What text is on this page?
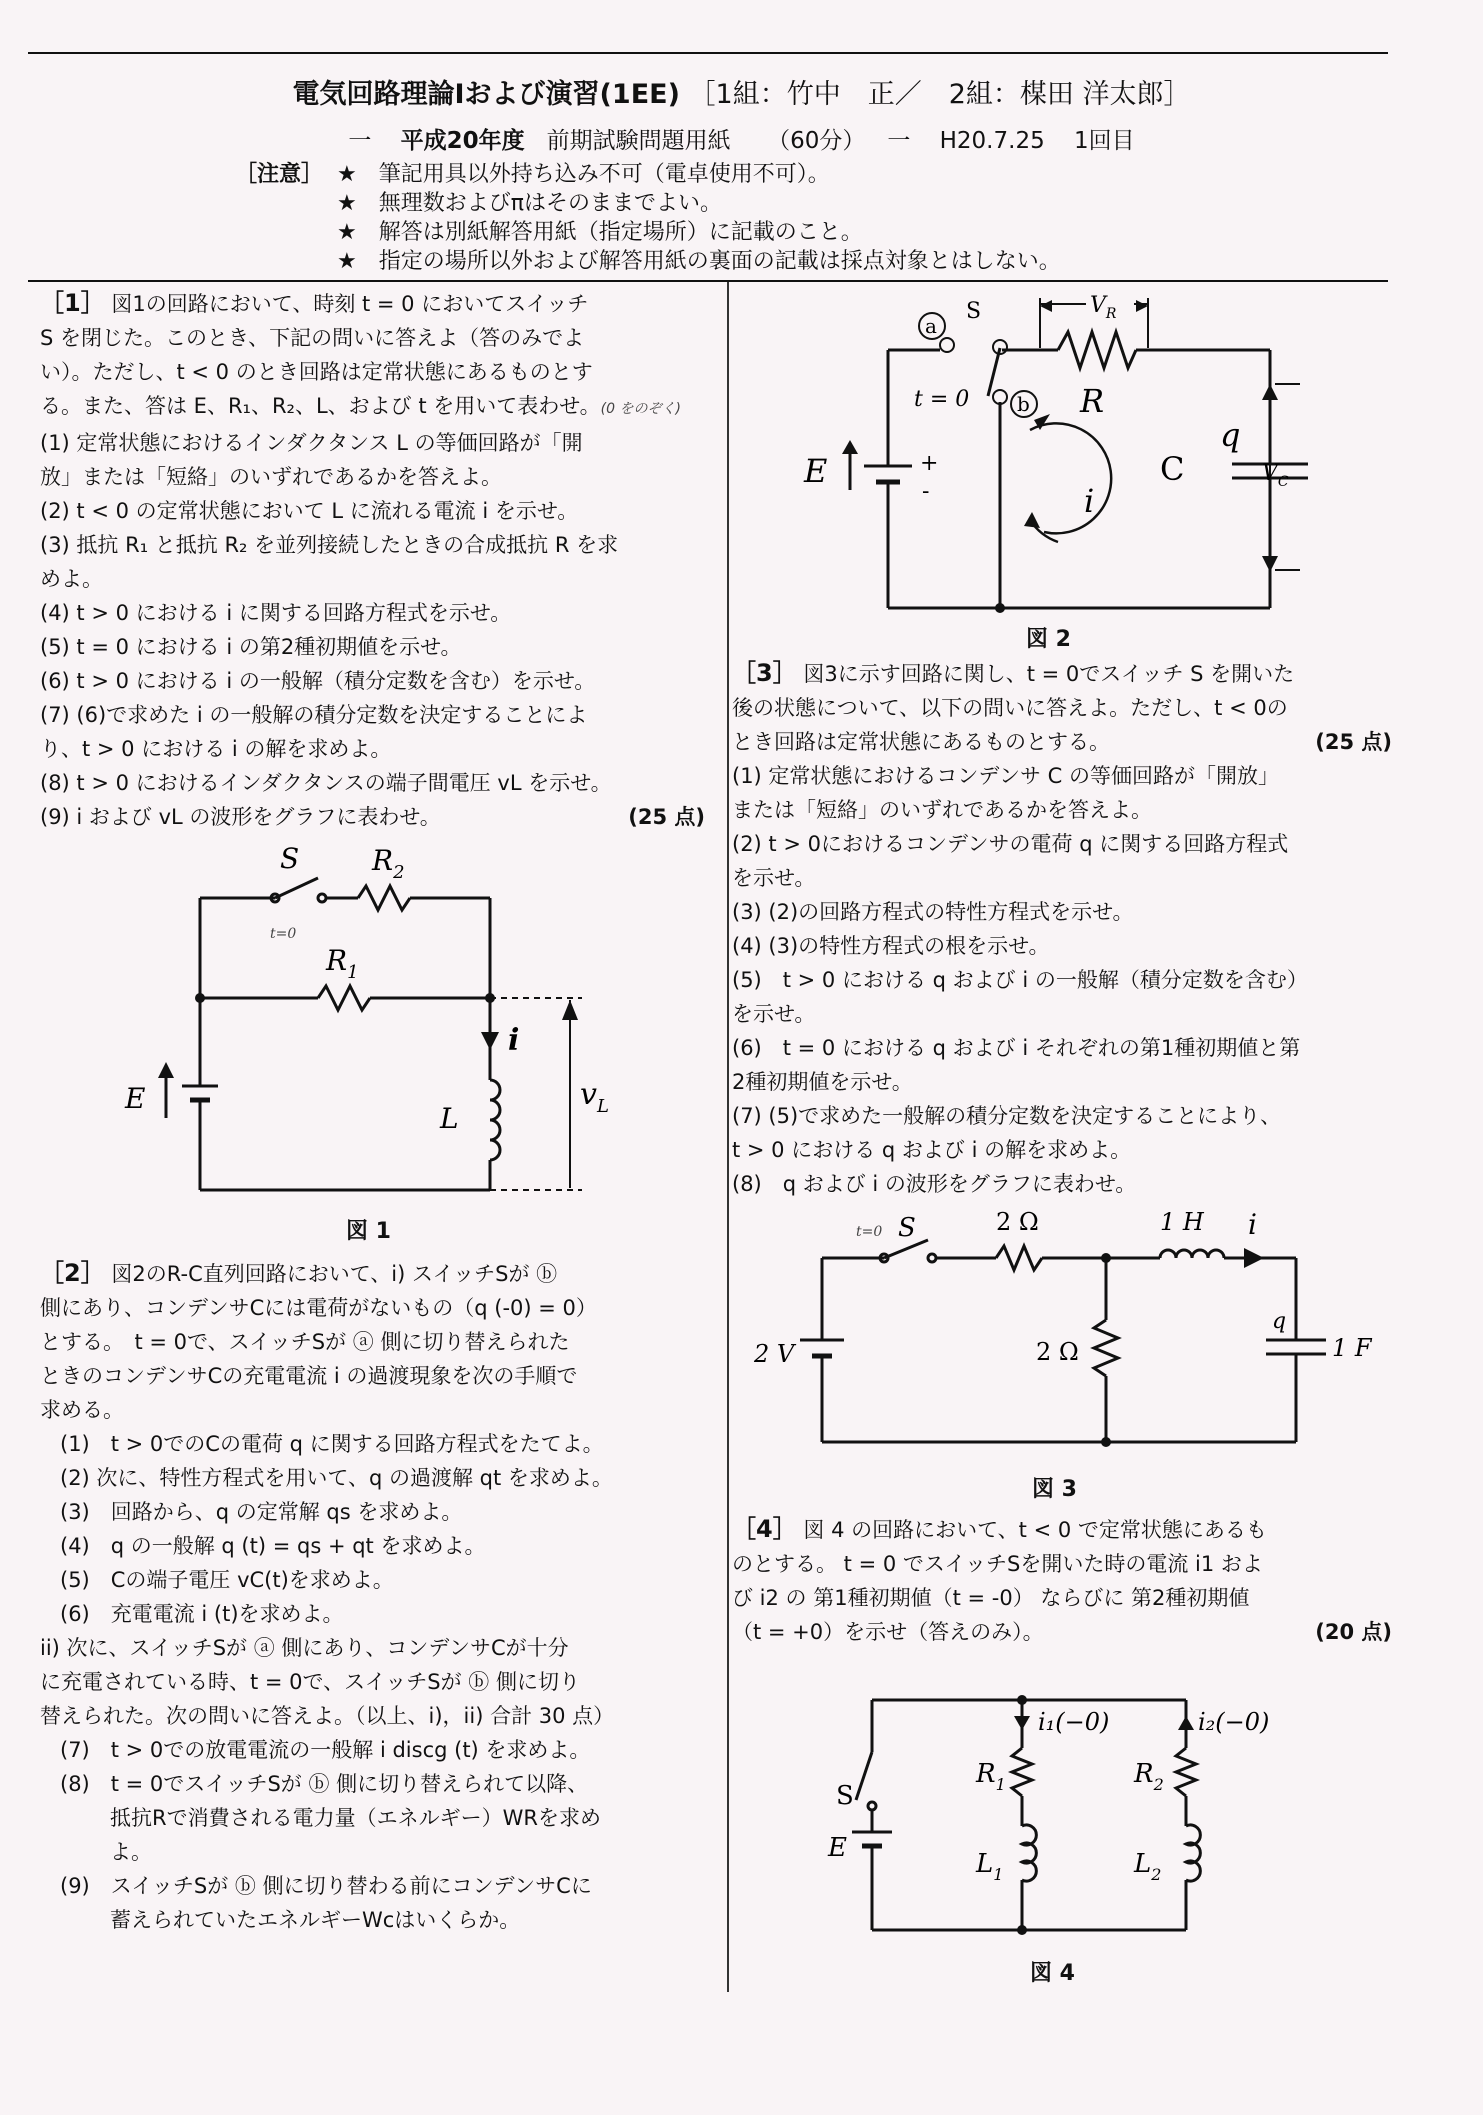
電気回路理論Ⅰおよび演習(1EE) ［1組：竹中　正／　2組：楳田 洋太郎］
一 平成20年度 前期試験問題用紙 （60分） 一 H20.7.25 1回目
［注意］ ★　筆記用具以外持ち込み不可（電卓使用不可）。
★　無理数およびπはそのままでよい。
★　解答は別紙解答用紙（指定場所）に記載のこと。
★　指定の場所以外および解答用紙の裏面の記載は採点対象とはしない。

［1］ 図1の回路において、時刻 t = 0 においてスイッチ

S を閉じた。このとき、下記の問いに答えよ（答のみでよ

い）。ただし、t < 0 のとき回路は定常状態にあるものとす

る。また、答は E、R₁、R₂、L、および t を用いて表わせ。(0 をのぞく)

(1) 定常状態におけるインダクタンス L の等価回路が「開

放」または「短絡」のいずれであるかを答えよ。

(2) t < 0 の定常状態において L に流れる電流 i を示せ。

(3) 抵抗 R₁ と抵抗 R₂ を並列接続したときの合成抵抗 R を求

めよ。

(4) t > 0 における i に関する回路方程式を示せ。

(5) t = 0 における i の第2種初期値を示せ。

(6) t > 0 における i の一般解（積分定数を含む）を示せ。

(7) (6)で求めた i の一般解の積分定数を決定することによ

り、t > 0 における i の解を求めよ。

(8) t > 0 におけるインダクタンスの端子間電圧 vL を示せ。

(9) i および vL の波形をグラフに表わせ。	(25 点)

S
t=0
$R_2$
$R_1$
i
E
L
$v_L$
図 1

［2］ 図2のR-C直列回路において、i) スイッチSが ⓑ

側にあり、コンデンサCには電荷がないもの（q (-0) = 0）

とする。　t = 0で、スイッチSが ⓐ 側に切り替えられた

ときのコンデンサCの充電電流 i の過渡現象を次の手順で

求める。

(1)　t > 0でのCの電荷 q に関する回路方程式をたてよ。

(2) 次に、特性方程式を用いて、q の過渡解 qt を求めよ。

(3)　回路から、q の定常解 qs を求めよ。

(4)　q の一般解 q (t) = qs + qt を求めよ。

(5)　Cの端子電圧 vC(t)を求めよ。

(6)　充電電流 i (t)を求めよ。

ii) 次に、スイッチSが ⓐ 側にあり、コンデンサCが十分

に充電されている時、t = 0で、スイッチSが ⓑ 側に切り

替えられた。次の問いに答えよ。（以上、i)，ii) 合計 30 点）

(7)　t > 0での放電電流の一般解 i discg (t) を求めよ。

(8)　t = 0でスイッチSが ⓑ 側に切り替えられて以降、

抵抗Rで消費される電力量（エネルギー）WRを求め

よ。

(9)　スイッチSが ⓑ 側に切り替わる前にコンデンサCに

蓄えられていたエネルギーWcはいくらか。

a
b
S	$V_R$
t = 0	R
q
C	$V_C$
E	+
-	i
図 2

［3］ 図3に示す回路に関し、t = 0でスイッチ S を開いた

後の状態について、以下の問いに答えよ。ただし、t < 0の

とき回路は定常状態にあるものとする。	(25 点)

(1) 定常状態におけるコンデンサ C の等価回路が「開放」

または「短絡」のいずれであるかを答えよ。

(2) t > 0におけるコンデンサの電荷 q に関する回路方程式

を示せ。

(3) (2)の回路方程式の特性方程式を示せ。

(4) (3)の特性方程式の根を示せ。

(5)　t > 0 における q および i の一般解（積分定数を含む）

を示せ。

(6)　t = 0 における q および i それぞれの第1種初期値と第

2種初期値を示せ。

(7) (5)で求めた一般解の積分定数を決定することにより、

t > 0 における q および i の解を求めよ。

(8)　q および i の波形をグラフに表わせ。

t=0 S	2 Ω	1 H i
2 V	2 Ω
q
1 F
図 3

［4］ 図 4 の回路において、t < 0 で定常状態にあるも

のとする。 t = 0 でスイッチSを開いた時の電流 i1 およ

び i2 の 第1種初期値（t = -0） ならびに 第2種初期値

（t = +0）を示せ（答えのみ）。	(20 点)

i₁(−0)	i₂(−0)
$R_1$	$R_2$
S
E
$L_1$	$L_2$
図 4
